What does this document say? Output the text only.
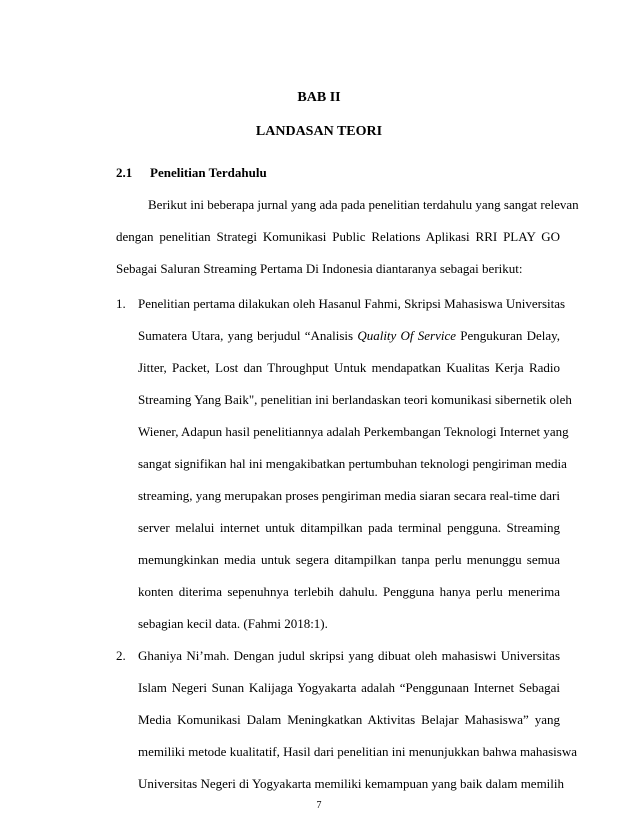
BAB II
LANDASAN TEORI
2.1 Penelitian Terdahulu
Berikut ini beberapa jurnal yang ada pada penelitian terdahulu yang sangat relevan
dengan penelitian Strategi Komunikasi Public Relations Aplikasi RRI PLAY GO
Sebagai Saluran Streaming Pertama Di Indonesia diantaranya sebagai berikut:
1. Penelitian pertama dilakukan oleh Hasanul Fahmi, Skripsi Mahasiswa Universitas
Sumatera Utara, yang berjudul “Analisis Quality Of Service Pengukuran Delay,
Jitter, Packet, Lost dan Throughput Untuk mendapatkan Kualitas Kerja Radio
Streaming Yang Baik", penelitian ini berlandaskan teori komunikasi sibernetik oleh
Wiener, Adapun hasil penelitiannya adalah Perkembangan Teknologi Internet yang
sangat signifikan hal ini mengakibatkan pertumbuhan teknologi pengiriman media
streaming, yang merupakan proses pengiriman media siaran secara real-time dari
server melalui internet untuk ditampilkan pada terminal pengguna. Streaming
memungkinkan media untuk segera ditampilkan tanpa perlu menunggu semua
konten diterima sepenuhnya terlebih dahulu. Pengguna hanya perlu menerima
sebagian kecil data. (Fahmi 2018:1).
2. Ghaniya Ni’mah. Dengan judul skripsi yang dibuat oleh mahasiswi Universitas
Islam Negeri Sunan Kalijaga Yogyakarta adalah “Penggunaan Internet Sebagai
Media Komunikasi Dalam Meningkatkan Aktivitas Belajar Mahasiswa” yang
memiliki metode kualitatif, Hasil dari penelitian ini menunjukkan bahwa mahasiswa
Universitas Negeri di Yogyakarta memiliki kemampuan yang baik dalam memilih
7
